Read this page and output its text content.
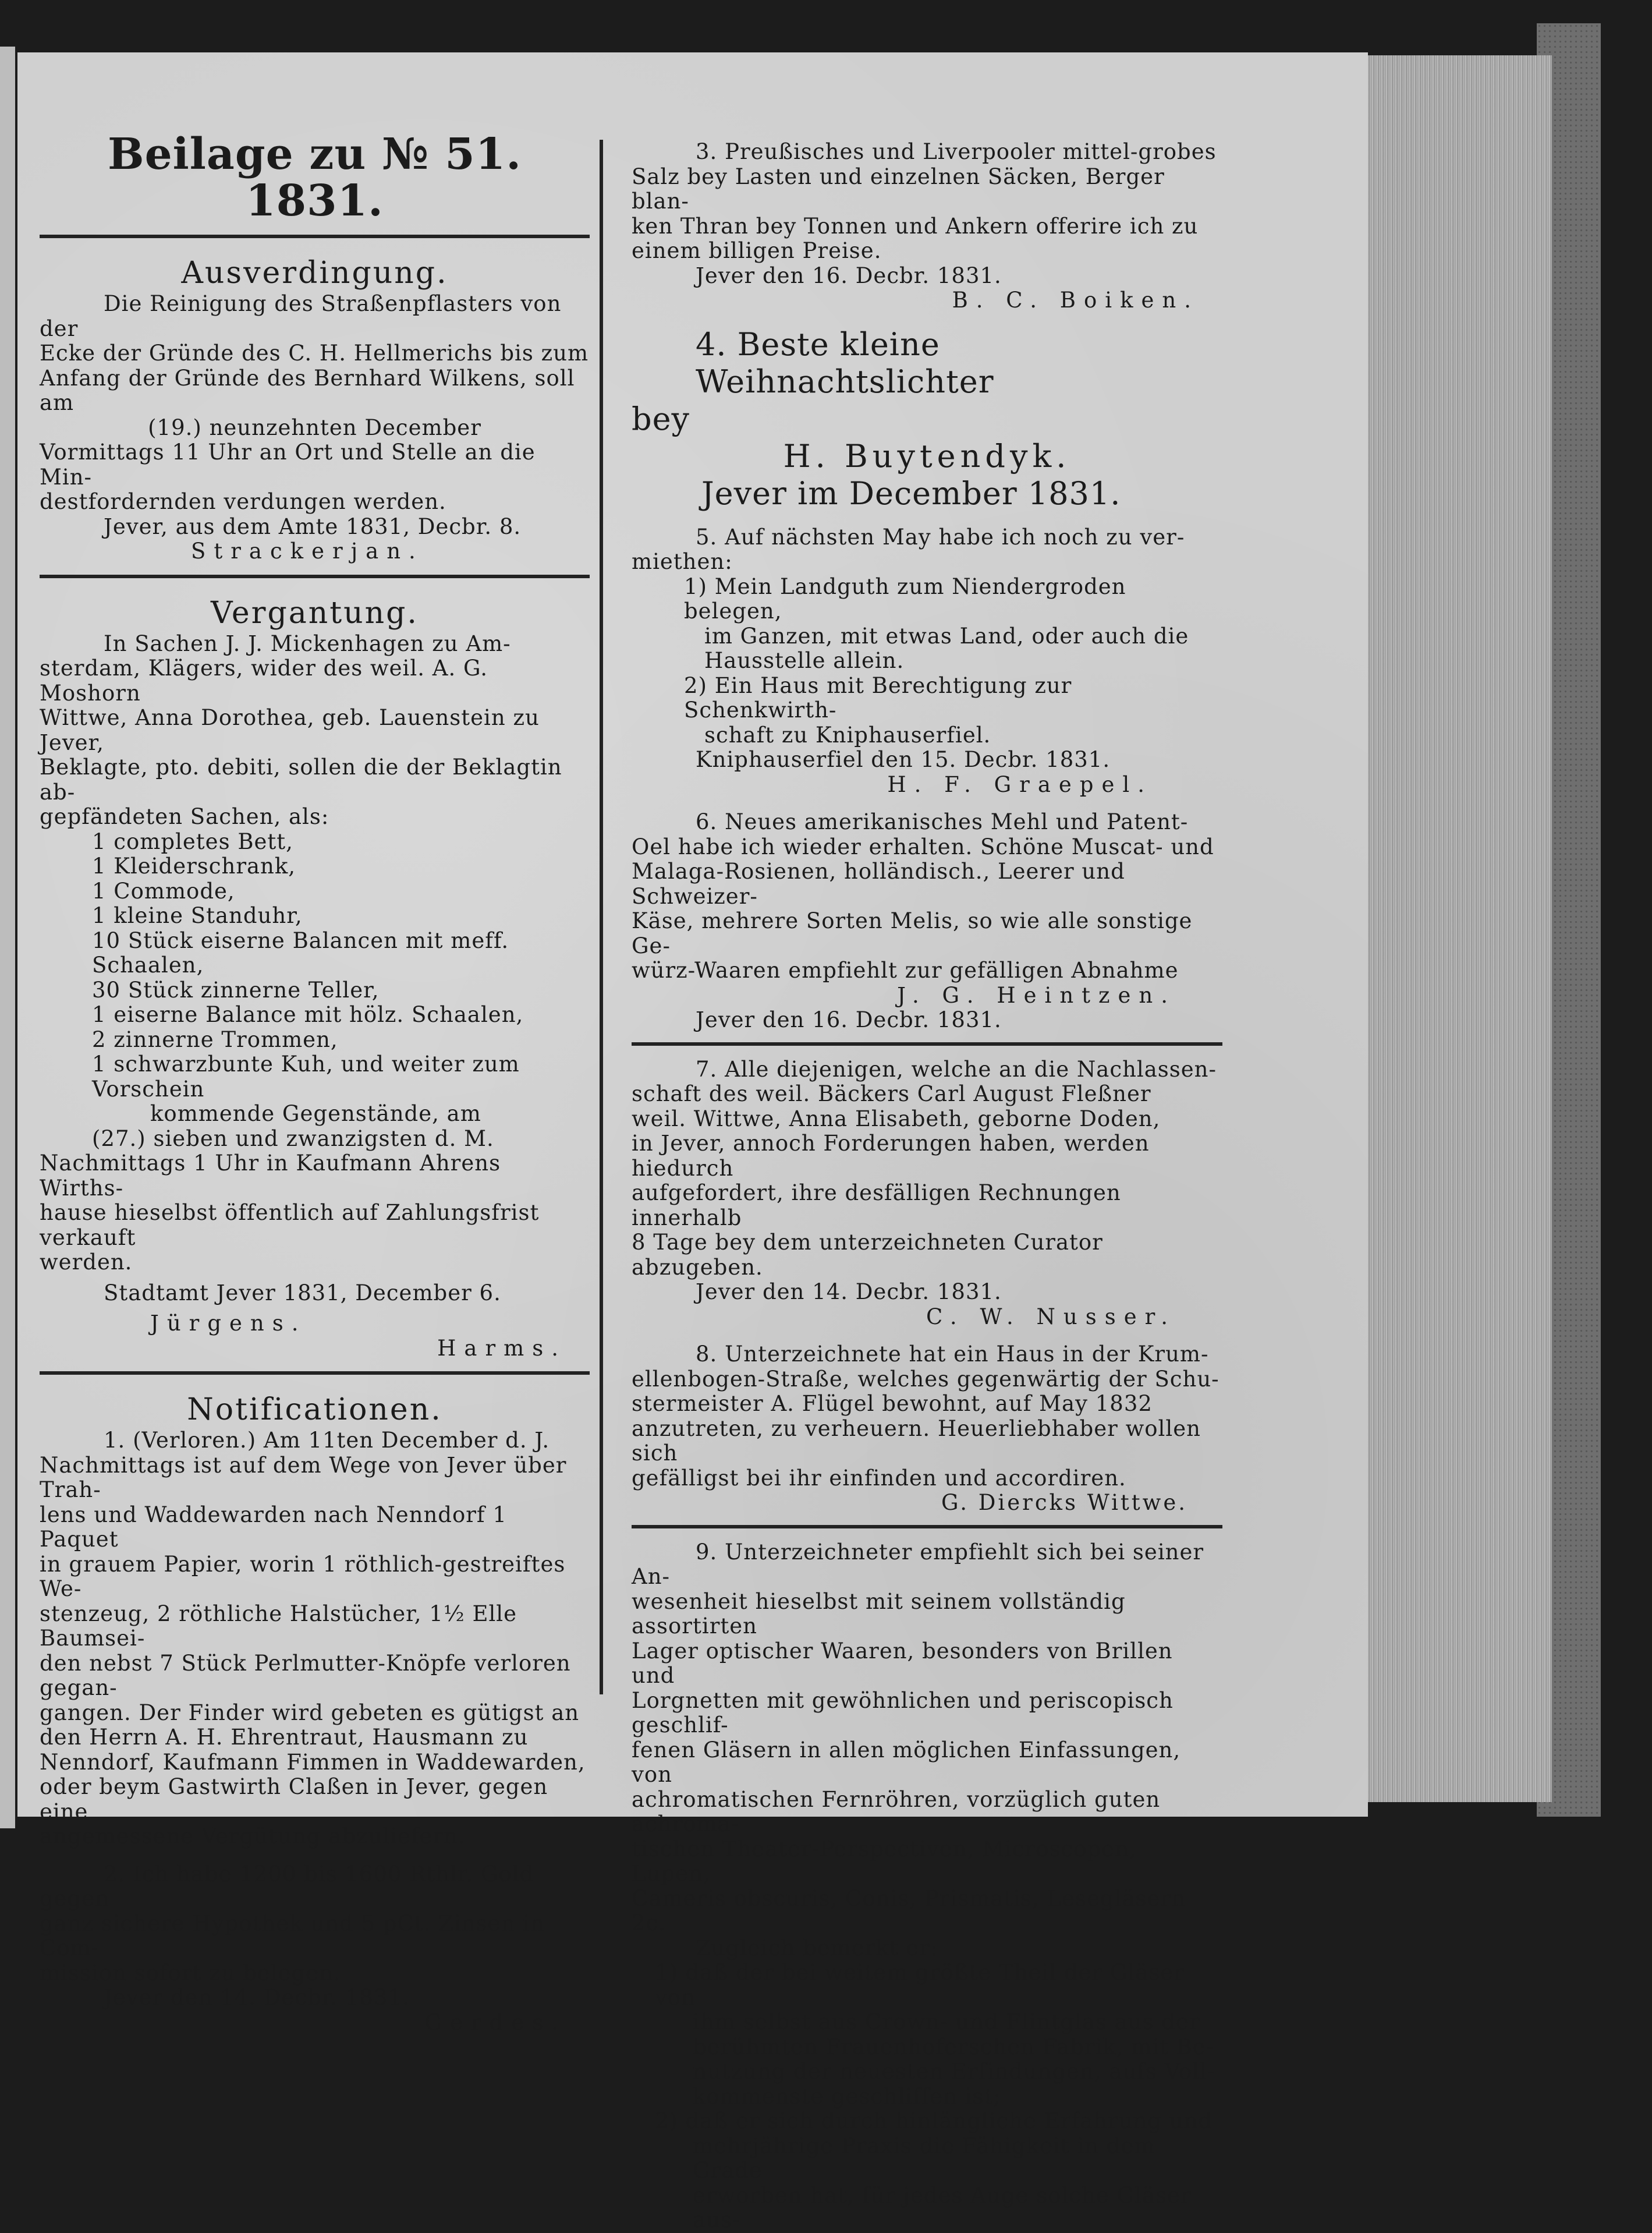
Beilage zu № 51. 1831.

Ausverdingung.

Die Reinigung des Straßenpflasters von der

Ecke der Gründe des C. H. Hellmerichs bis zum

Anfang der Gründe des Bernhard Wilkens, soll am

(19.) neunzehnten December

Vormittags 11 Uhr an Ort und Stelle an die Min-

destfordernden verdungen werden.

Jever, aus dem Amte 1831, Decbr. 8.

Strackerjan.

Vergantung.

In Sachen J. J. Mickenhagen zu Am-

sterdam, Klägers, wider des weil. A. G. Moshorn

Wittwe, Anna Dorothea, geb. Lauenstein zu Jever,

Beklagte, pto. debiti, sollen die der Beklagtin ab-

gepfändeten Sachen, als:

1 completes Bett,

1 Kleiderschrank,

1 Commode,

1 kleine Standuhr,

10 Stück eiserne Balancen mit meff. Schaalen,

30 Stück zinnerne Teller,

1 eiserne Balance mit hölz. Schaalen,

2 zinnerne Trommen,

1 schwarzbunte Kuh, und weiter zum Vorschein

kommende Gegenstände, am

(27.) sieben und zwanzigsten d. M.

Nachmittags 1 Uhr in Kaufmann Ahrens Wirths-

hause hieselbst öffentlich auf Zahlungsfrist verkauft

werden.

Stadtamt Jever 1831, December 6.

Jürgens.

Harms.

Notificationen.

1. (Verloren.) Am 11ten December d. J.

Nachmittags ist auf dem Wege von Jever über Trah-

lens und Waddewarden nach Nenndorf 1 Paquet

in grauem Papier, worin 1 röthlich-gestreiftes We-

stenzeug, 2 röthliche Halstücher, 1½ Elle Baumsei-

den nebst 7 Stück Perlmutter-Knöpfe verloren gegan-

gangen. Der Finder wird gebeten es gütigst an

den Herrn A. H. Ehrentraut, Hausmann zu

Nenndorf, Kaufmann Fimmen in Waddewarden,

oder beym Gastwirth Claßen in Jever, gegen eine

angemessene Vergütung abzuliefern.

2. Ich habe 1200 bis 1600 Rthlr. Gold gegen

ganz sichere Hypothek und 5 pCt. Zinsen in Com-

mission sofort zu belegen.

Jever den 14. Decbr. 1831.

Gerdes.

3. Preußisches und Liverpooler mittel-grobes

Salz bey Lasten und einzelnen Säcken, Berger blan-

ken Thran bey Tonnen und Ankern offerire ich zu

einem billigen Preise.

Jever den 16. Decbr. 1831.

B. C. Boiken.

4. Beste kleine Weihnachtslichter

bey

H. Buytendyk.

Jever im December 1831.

5. Auf nächsten May habe ich noch zu ver-

miethen:

1) Mein Landguth zum Niendergroden belegen,

im Ganzen, mit etwas Land, oder auch die

Hausstelle allein.

2) Ein Haus mit Berechtigung zur Schenkwirth-

schaft zu Kniphauserfiel.

Kniphauserfiel den 15. Decbr. 1831.

H. F. Graepel.

6. Neues amerikanisches Mehl und Patent-

Oel habe ich wieder erhalten. Schöne Muscat- und

Malaga-Rosienen, holländisch., Leerer und Schweizer-

Käse, mehrere Sorten Melis, so wie alle sonstige Ge-

würz-Waaren empfiehlt zur gefälligen Abnahme

J. G. Heintzen.

Jever den 16. Decbr. 1831.

7. Alle diejenigen, welche an die Nachlassen-

schaft des weil. Bäckers Carl August Fleßner

weil. Wittwe, Anna Elisabeth, geborne Doden,

in Jever, annoch Forderungen haben, werden hiedurch

aufgefordert, ihre desfälligen Rechnungen innerhalb

8 Tage bey dem unterzeichneten Curator abzugeben.

Jever den 14. Decbr. 1831.

C. W. Nusser.

8. Unterzeichnete hat ein Haus in der Krum-

ellenbogen-Straße, welches gegenwärtig der Schu-

stermeister A. Flügel bewohnt, auf May 1832

anzutreten, zu verheuern. Heuerliebhaber wollen sich

gefälligst bei ihr einfinden und accordiren.

G. Diercks Wittwe.

9. Unterzeichneter empfiehlt sich bei seiner An-

wesenheit hieselbst mit seinem vollständig assortirten

Lager optischer Waaren, besonders von Brillen und

Lorgnetten mit gewöhnlichen und periscopisch geschlif-

fenen Gläsern in allen möglichen Einfassungen, von

achromatischen Fernröhren, vorzüglich guten achroma-

tischen Theater-Perspectiven, Microscopen, Lupen,

Cameris obscuris, Conis, Prismatis, Lesegläsern 2c.

Zugleich bemerkt er:

1) daß der bei weitem größte Theil der Gläser von

ihm selbst aus Crown- und Flintglas aus der

berühmten Frauenhoferschen Fabrik, mit Be-

nutzung der neuesten Erfindungen, aufs Voll-

kommenste geschliffen ist;

2) daß er sich durch hinlängliche Erfahrung und

mehrjährige Praxis die Fähigkeit in dem Grade

erworben hat, für jedes Auge solche Gläser aus-
